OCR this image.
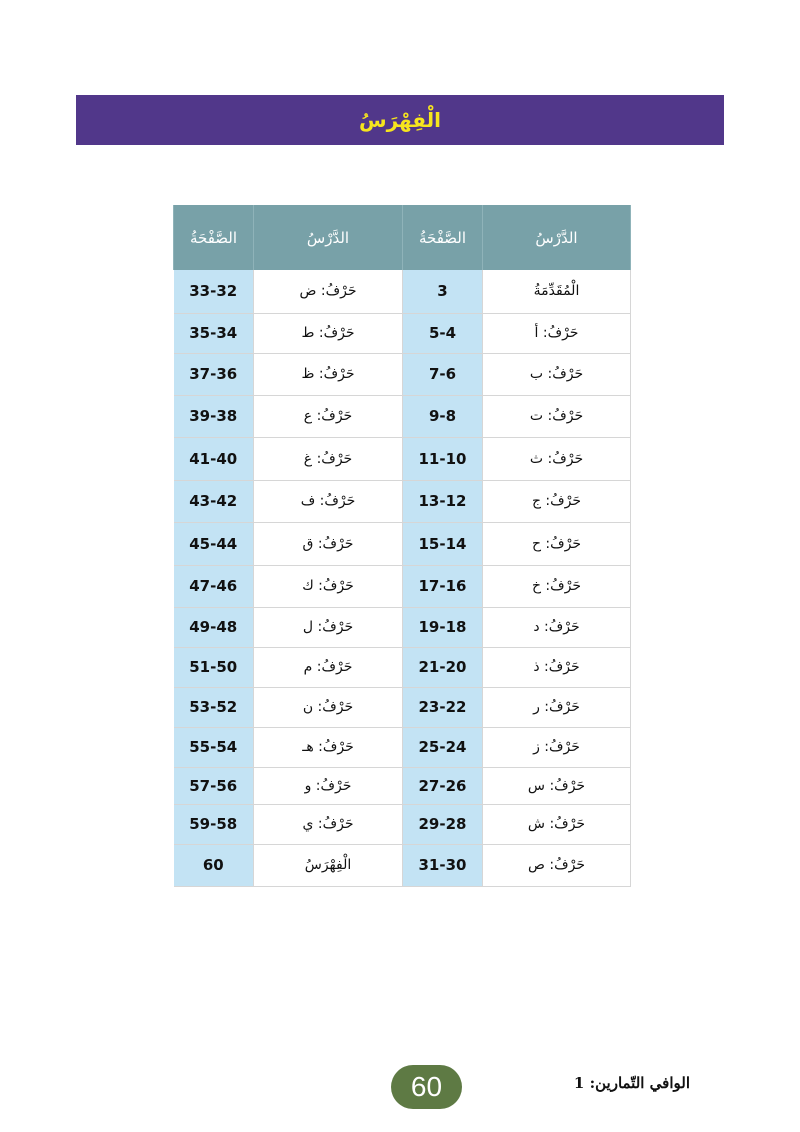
الْفِهْرَسُ
الدَّرْسُ	الصَّفْحَةُ	الدَّرْسُ	الصَّفْحَةُ
الْمُقَدِّمَةُ	3	حَرْفُ: ض	33-32
حَرْفُ: أ	5-4	حَرْفُ: ط	35-34
حَرْفُ: ب	7-6	حَرْفُ: ظ	37-36
حَرْفُ: ت	9-8	حَرْفُ: ع	39-38
حَرْفُ: ث	11-10	حَرْفُ: غ	41-40
حَرْفُ: ج	13-12	حَرْفُ: ف	43-42
حَرْفُ: ح	15-14	حَرْفُ: ق	45-44
حَرْفُ: خ	17-16	حَرْفُ: ك	47-46
حَرْفُ: د	19-18	حَرْفُ: ل	49-48
حَرْفُ: ذ	21-20	حَرْفُ: م	51-50
حَرْفُ: ر	23-22	حَرْفُ: ن	53-52
حَرْفُ: ز	25-24	حَرْفُ: هـ	55-54
حَرْفُ: س	27-26	حَرْفُ: و	57-56
حَرْفُ: ش	29-28	حَرْفُ: ي	59-58
حَرْفُ: ص	31-30	الْفِهْرَسُ	60
60	الوافي التّمارين: 1
